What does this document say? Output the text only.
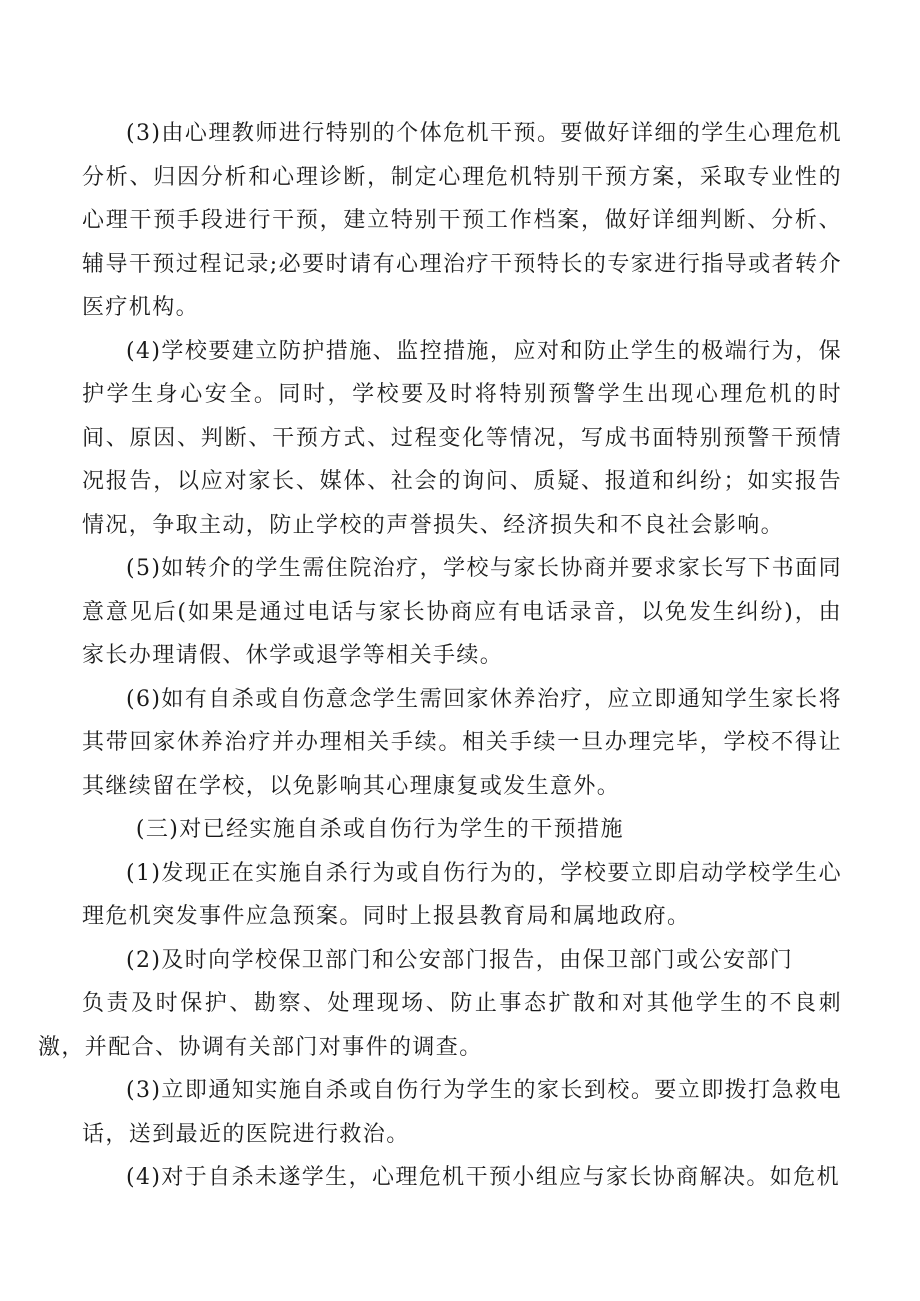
(3)由心理教师进行特别的个体危机干预。要做好详细的学生心理危机分析、归因分析和心理诊断，制定心理危机特别干预方案，采取专业性的心理干预手段进行干预，建立特别干预工作档案，做好详细判断、分析、辅导干预过程记录;必要时请有心理治疗干预特长的专家进行指导或者转介医疗机构。

(4)学校要建立防护措施、监控措施，应对和防止学生的极端行为，保护学生身心安全。同时，学校要及时将特别预警学生出现心理危机的时间、原因、判断、干预方式、过程变化等情况，写成书面特别预警干预情况报告，以应对家长、媒体、社会的询问、质疑、报道和纠纷；如实报告情况，争取主动，防止学校的声誉损失、经济损失和不良社会影响。

(5)如转介的学生需住院治疗，学校与家长协商并要求家长写下书面同意意见后(如果是通过电话与家长协商应有电话录音，以免发生纠纷)，由家长办理请假、休学或退学等相关手续。

(6)如有自杀或自伤意念学生需回家休养治疗，应立即通知学生家长将其带回家休养治疗并办理相关手续。相关手续一旦办理完毕，学校不得让其继续留在学校，以免影响其心理康复或发生意外。

(三)对已经实施自杀或自伤行为学生的干预措施

(1)发现正在实施自杀行为或自伤行为的，学校要立即启动学校学生心理危机突发事件应急预案。同时上报县教育局和属地政府。

(2)及时向学校保卫部门和公安部门报告，由保卫部门或公安部门
负责及时保护、勘察、处理现场、防止事态扩散和对其他学生的不良刺激，并配合、协调有关部门对事件的调查。

(3)立即通知实施自杀或自伤行为学生的家长到校。要立即拨打急救电话，送到最近的医院进行救治。

(4)对于自杀未遂学生，心理危机干预小组应与家长协商解决。如危机
